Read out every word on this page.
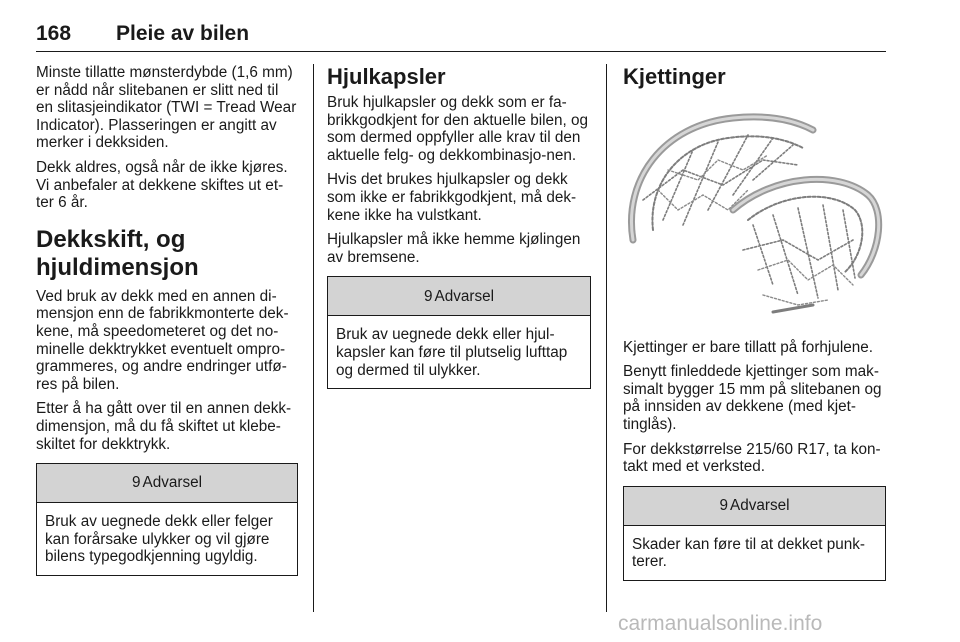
168 Pleie av bilen

Minste tillatte mønsterdybde (1,6 mm) er nådd når slitebanen er slitt ned til en slitasjeindikator (TWI = Tread Wear Indicator). Plasseringen er angitt av merker i dekksiden.

Dekk aldres, også når de ikke kjøres. Vi anbefaler at dekkene skiftes ut et-ter 6 år.

Dekkskift, og hjuldimensjon

Ved bruk av dekk med en annen di-mensjon enn de fabrikkmonterte dek-kene, må speedometeret og det no-minelle dekktrykket eventuelt ompro-grammeres, og andre endringer utfø-res på bilen.

Etter å ha gått over til en annen dekk-dimensjon, må du få skiftet ut klebe-skiltet for dekktrykk.

9 Advarsel
Bruk av uegnede dekk eller felger kan forårsake ulykker og vil gjøre bilens typegodkjenning ugyldig.
Hjulkapsler

Bruk hjulkapsler og dekk som er fa-brikkgodkjent for den aktuelle bilen, og som dermed oppfyller alle krav til den aktuelle felg- og dekkombinasjo-nen.

Hvis det brukes hjulkapsler og dekk som ikke er fabrikkgodkjent, må dek-kene ikke ha vulstkant.

Hjulkapsler må ikke hemme kjølingen av bremsene.

9 Advarsel
Bruk av uegnede dekk eller hjul-kapsler kan føre til plutselig lufttap og dermed til ulykker.
Kjettinger

Kjettinger er bare tillatt på forhjulene.

Benytt finleddede kjettinger som mak-simalt bygger 15 mm på slitebanen og på innsiden av dekkene (med kjet-tinglås).

For dekkstørrelse 215/60 R17, ta kon-takt med et verksted.

9 Advarsel
Skader kan føre til at dekket punk-terer.
carmanualsonline.info
